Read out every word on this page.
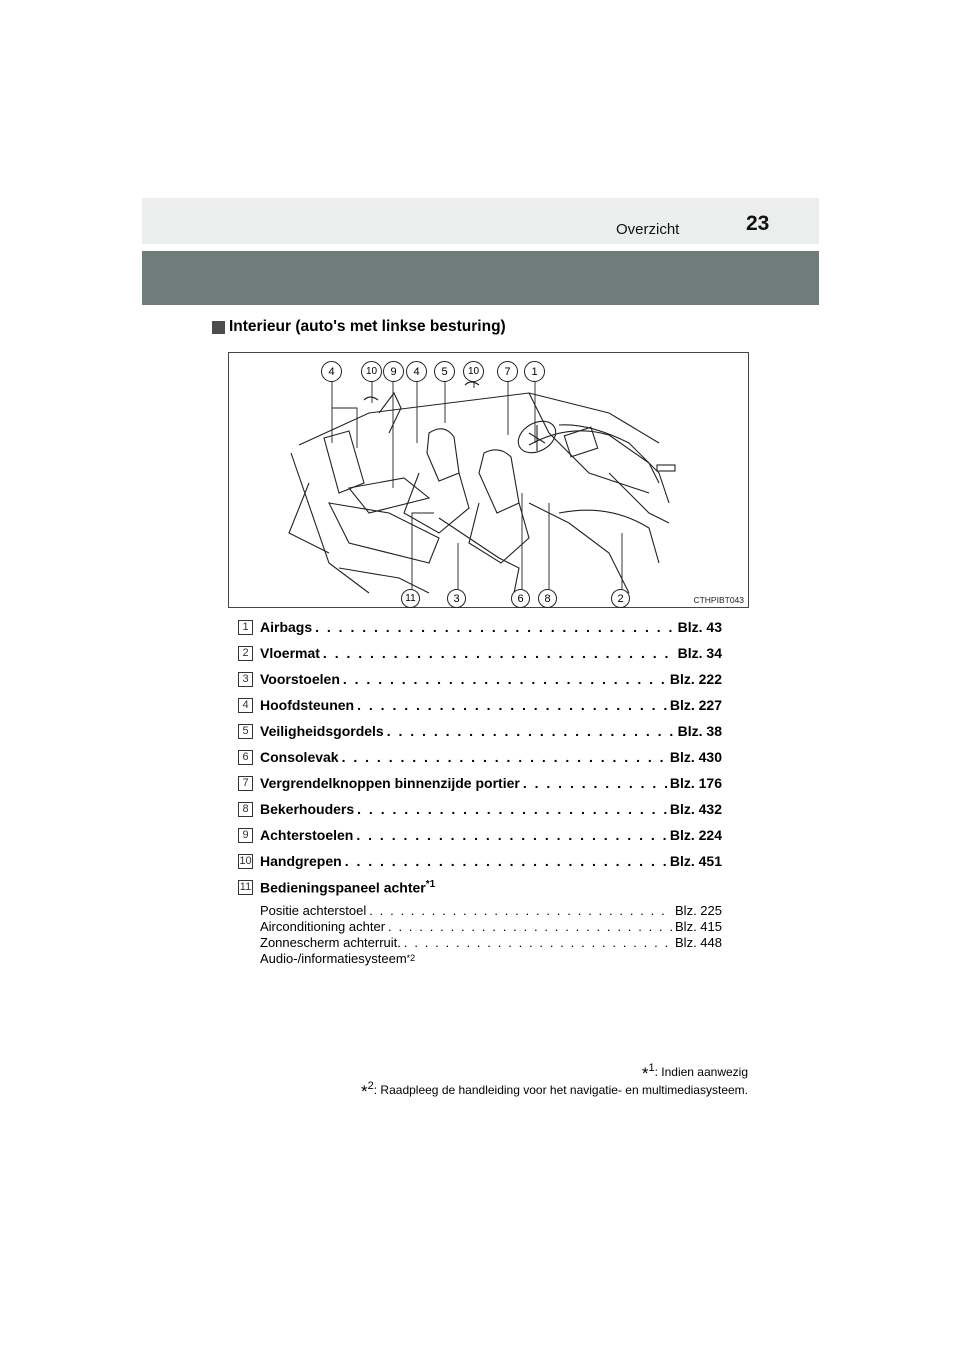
Overzicht	23
Interieur (auto's met linkse besturing)
4	10	9	4	5	10	7	1
11	3	6	8	2	CTHPIBT043
1 Airbags . . .	Blz. 43
2 Vloermat . . .	Blz. 34
3 Voorstoelen . . .	Blz. 222
4 Hoofdsteunen . . .	Blz. 227
5 Veiligheidsgordels . . .	Blz. 38
6 Consolevak . . .	Blz. 430
7 Vergrendelknoppen binnenzijde portier . . .	Blz. 176
8 Bekerhouders . . .	Blz. 432
9 Achterstoelen . . .	Blz. 224
10 Handgrepen . . .	Blz. 451
11 Bedieningspaneel achter$^{*1}$
Positie achterstoel . . .	Blz. 225
Airconditioning achter . . .	Blz. 415
Zonnescherm achterruit. . . .	Blz. 448
Audio-/informatiesysteem *2
*$^1$: Indien aanwezig
*$^2$: Raadpleeg de handleiding voor het navigatie- en multimediasysteem.
